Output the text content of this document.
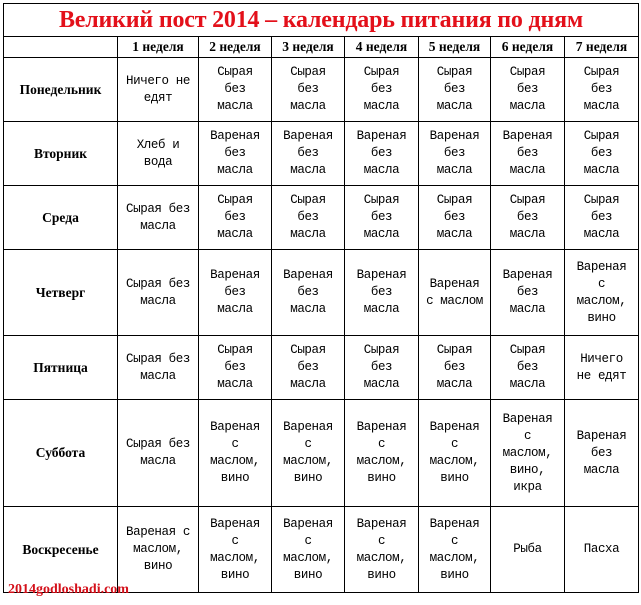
Великий пост 2014 – календарь питания по дням							
	1 неделя	2 неделя	3 неделя	4 неделя	5 неделя	6 неделя	7 неделя
Понедельник	Ничего не
едят	Сырая
без
масла	Сырая
без
масла	Сырая
без
масла	Сырая
без
масла	Сырая
без
масла	Сырая
без
масла

Вторник	Хлеб и
вода	Вареная
без
масла	Вареная
без
масла	Вареная
без
масла	Вареная
без
масла	Вареная
без
масла	Сырая
без
масла

Среда	Сырая без
масла	Сырая
без
масла	Сырая
без
масла	Сырая
без
масла	Сырая
без
масла	Сырая
без
масла	Сырая
без
масла

Четверг	Сырая без
масла	Вареная
без
масла	Вареная
без
масла	Вареная
без
масла	Вареная
с маслом	Вареная
без
масла	Вареная
с
маслом,
вино

Пятница	Сырая без
масла	Сырая
без
масла	Сырая
без
масла	Сырая
без
масла	Сырая
без
масла	Сырая
без
масла	Ничего
не едят

Суббота	Сырая без
масла	Вареная
с
маслом,
вино	Вареная
с
маслом,
вино	Вареная
с
маслом,
вино	Вареная
с
маслом,
вино	Вареная
с
маслом,
вино,
икра	Вареная
без
масла

Воскресенье	Вареная с
маслом,
вино	Вареная
с
маслом,
вино	Вареная
с
маслом,
вино	Вареная
с
маслом,
вино	Вареная
с
маслом,
вино	Рыба	Пасха
2014godloshadi.com
